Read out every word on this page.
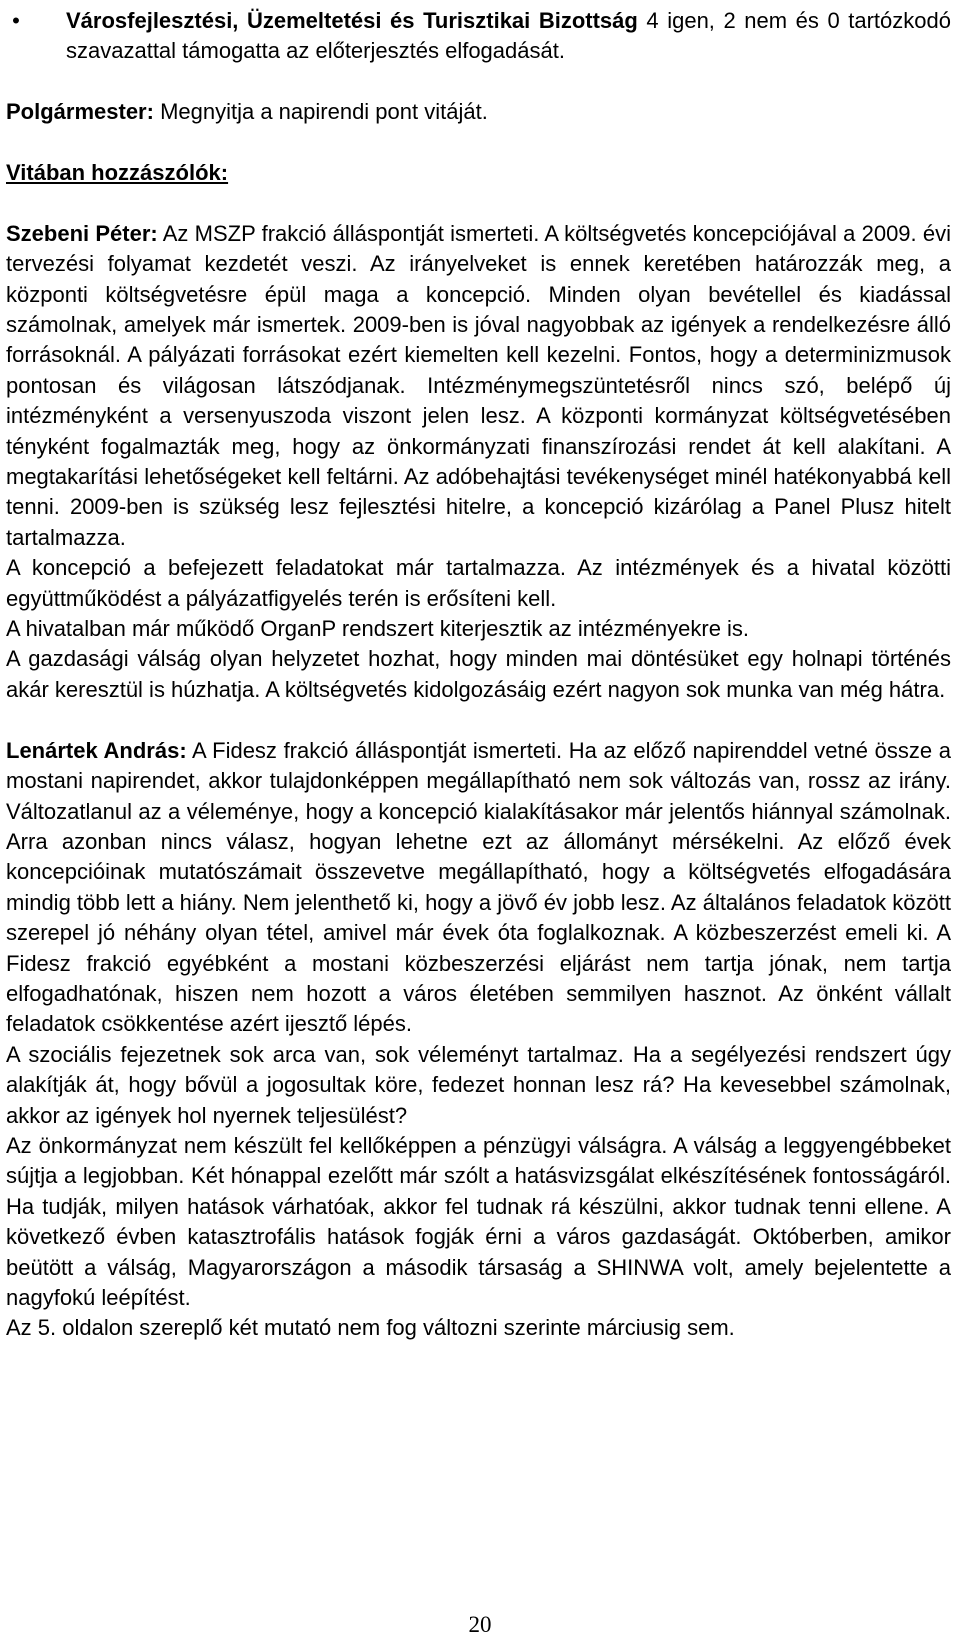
• Városfejlesztési, Üzemeltetési és Turisztikai Bizottság 4 igen, 2 nem és 0 tartózkodó szavazattal támogatta az előterjesztés elfogadását.

Polgármester: Megnyitja a napirendi pont vitáját.

Vitában hozzászólók:

Szebeni Péter: Az MSZP frakció álláspontját ismerteti. A költségvetés koncepciójával a 2009. évi tervezési folyamat kezdetét veszi. Az irányelveket is ennek keretében határozzák meg, a központi költségvetésre épül maga a koncepció. Minden olyan bevétellel és kiadással számolnak, amelyek már ismertek. 2009-ben is jóval nagyobbak az igények a rendelkezésre álló forrásoknál. A pályázati forrásokat ezért kiemelten kell kezelni. Fontos, hogy a determinizmusok pontosan és világosan látszódjanak. Intézménymegszüntetésről nincs szó, belépő új intézményként a versenyuszoda viszont jelen lesz. A központi kormányzat költségvetésében tényként fogalmazták meg, hogy az önkormányzati finanszírozási rendet át kell alakítani. A megtakarítási lehetőségeket kell feltárni. Az adóbehajtási tevékenységet minél hatékonyabbá kell tenni. 2009-ben is szükség lesz fejlesztési hitelre, a koncepció kizárólag a Panel Plusz hitelt tartalmazza.

A koncepció a befejezett feladatokat már tartalmazza. Az intézmények és a hivatal közötti együttműködést a pályázatfigyelés terén is erősíteni kell.

A hivatalban már működő OrganP rendszert kiterjesztik az intézményekre is.

A gazdasági válság olyan helyzetet hozhat, hogy minden mai döntésüket egy holnapi történés akár keresztül is húzhatja. A költségvetés kidolgozásáig ezért nagyon sok munka van még hátra.

Lenártek András: A Fidesz frakció álláspontját ismerteti. Ha az előző napirenddel vetné össze a mostani napirendet, akkor tulajdonképpen megállapítható nem sok változás van, rossz az irány. Változatlanul az a véleménye, hogy a koncepció kialakításakor már jelentős hiánnyal számolnak. Arra azonban nincs válasz, hogyan lehetne ezt az állományt mérsékelni. Az előző évek koncepcióinak mutatószámait összevetve megállapítható, hogy a költségvetés elfogadására mindig több lett a hiány. Nem jelenthető ki, hogy a jövő év jobb lesz. Az általános feladatok között szerepel jó néhány olyan tétel, amivel már évek óta foglalkoznak. A közbeszerzést emeli ki. A Fidesz frakció egyébként a mostani közbeszerzési eljárást nem tartja jónak, nem tartja elfogadhatónak, hiszen nem hozott a város életében semmilyen hasznot. Az önként vállalt feladatok csökkentése azért ijesztő lépés.

A szociális fejezetnek sok arca van, sok véleményt tartalmaz. Ha a segélyezési rendszert úgy alakítják át, hogy bővül a jogosultak köre, fedezet honnan lesz rá? Ha kevesebbel számolnak, akkor az igények hol nyernek teljesülést?

Az önkormányzat nem készült fel kellőképpen a pénzügyi válságra. A válság a leggyengébbeket sújtja a legjobban. Két hónappal ezelőtt már szólt a hatásvizsgálat elkészítésének fontosságáról. Ha tudják, milyen hatások várhatóak, akkor fel tudnak rá készülni, akkor tudnak tenni ellene. A következő évben katasztrofális hatások fogják érni a város gazdaságát. Októberben, amikor beütött a válság, Magyarországon a második társaság a SHINWA volt, amely bejelentette a nagyfokú leépítést.

Az 5. oldalon szereplő két mutató nem fog változni szerinte márciusig sem.

20
